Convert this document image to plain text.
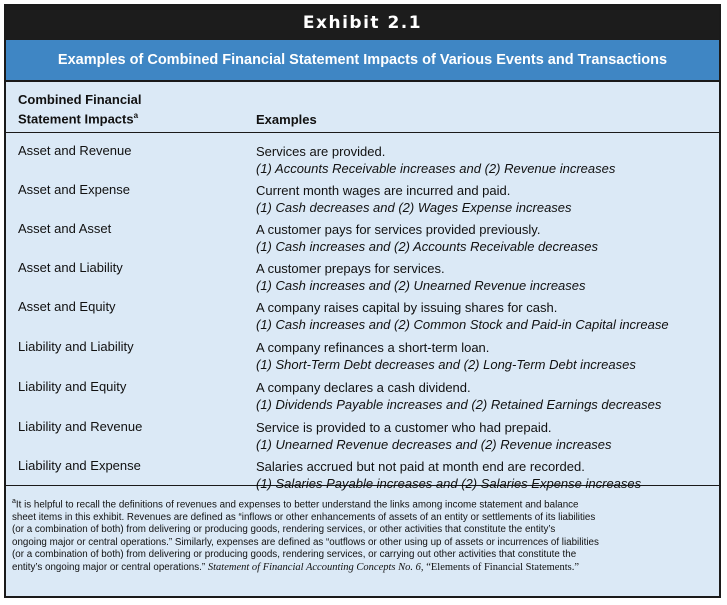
Exhibit 2.1
Examples of Combined Financial Statement Impacts of Various Events and Transactions
Combined Financial
Statement Impacts$^a$	Examples
Asset and Revenue	Services are provided.
(1) Accounts Receivable increases and (2) Revenue increases
Asset and Expense	Current month wages are incurred and paid.
(1) Cash decreases and (2) Wages Expense increases
Asset and Asset	A customer pays for services provided previously.
(1) Cash increases and (2) Accounts Receivable decreases
Asset and Liability	A customer prepays for services.
(1) Cash increases and (2) Unearned Revenue increases
Asset and Equity	A company raises capital by issuing shares for cash.
(1) Cash increases and (2) Common Stock and Paid-in Capital increase
Liability and Liability	A company refinances a short-term loan.
(1) Short-Term Debt decreases and (2) Long-Term Debt increases
Liability and Equity	A company declares a cash dividend.
(1) Dividends Payable increases and (2) Retained Earnings decreases
Liability and Revenue	Service is provided to a customer who had prepaid.
(1) Unearned Revenue decreases and (2) Revenue increases
Liability and Expense	Salaries accrued but not paid at month end are recorded.
(1) Salaries Payable increases and (2) Salaries Expense increases
$^a$It is helpful to recall the definitions of revenues and expenses to better understand the links among income statement and balance
sheet items in this exhibit. Revenues are defined as “inflows or other enhancements of assets of an entity or settlements of its liabilities
(or a combination of both) from delivering or producing goods, rendering services, or other activities that constitute the entity’s
ongoing major or central operations.” Similarly, expenses are defined as “outflows or other using up of assets or incurrences of liabilities
(or a combination of both) from delivering or producing goods, rendering services, or carrying out other activities that constitute the
entity’s ongoing major or central operations.” Statement of Financial Accounting Concepts No. 6, “Elements of Financial Statements.”
